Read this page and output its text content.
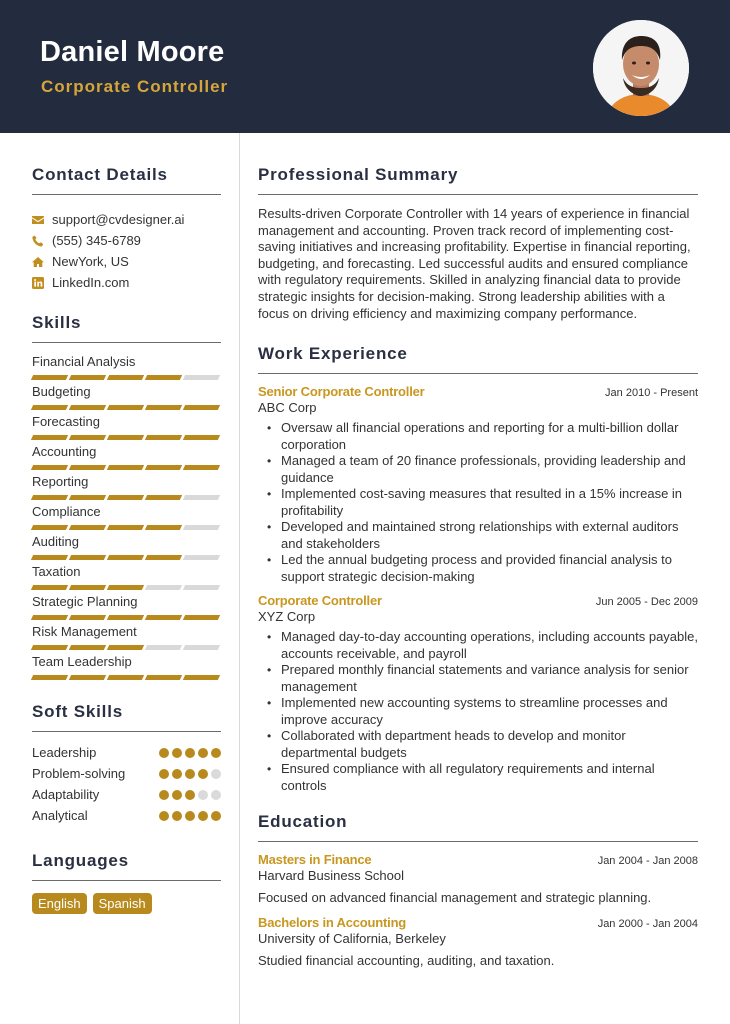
Daniel Moore
Corporate Controller
Contact Details
support@cvdesigner.ai
(555) 345-6789
NewYork, US
LinkedIn.com
Skills
Financial Analysis
Budgeting
Forecasting
Accounting
Reporting
Compliance
Auditing
Taxation
Strategic Planning
Risk Management
Team Leadership
Soft Skills
Leadership
Problem-solving
Adaptability
Analytical
Languages
English	Spanish
Professional Summary

Results-driven Corporate Controller with 14 years of experience in financial management and accounting. Proven track record of implementing cost-saving initiatives and increasing profitability. Expertise in financial reporting, budgeting, and forecasting. Led successful audits and ensured compliance with regulatory requirements. Skilled in analyzing financial data to provide strategic insights for decision-making. Strong leadership abilities with a focus on driving efficiency and maximizing company performance.

Work Experience
Senior Corporate Controller	Jan 2010 - Present
ABC Corp
• Oversaw all financial operations and reporting for a multi-billion dollar corporation
• Managed a team of 20 finance professionals, providing leadership and guidance
• Implemented cost-saving measures that resulted in a 15% increase in profitability
• Developed and maintained strong relationships with external auditors and stakeholders
• Led the annual budgeting process and provided financial analysis to support strategic decision-making
Corporate Controller	Jun 2005 - Dec 2009
XYZ Corp
• Managed day-to-day accounting operations, including accounts payable, accounts receivable, and payroll
• Prepared monthly financial statements and variance analysis for senior management
• Implemented new accounting systems to streamline processes and improve accuracy
• Collaborated with department heads to develop and monitor departmental budgets
• Ensured compliance with all regulatory requirements and internal controls
Education
Masters in Finance	Jan 2004 - Jan 2008
Harvard Business School
Focused on advanced financial management and strategic planning.
Bachelors in Accounting	Jan 2000 - Jan 2004
University of California, Berkeley
Studied financial accounting, auditing, and taxation.
